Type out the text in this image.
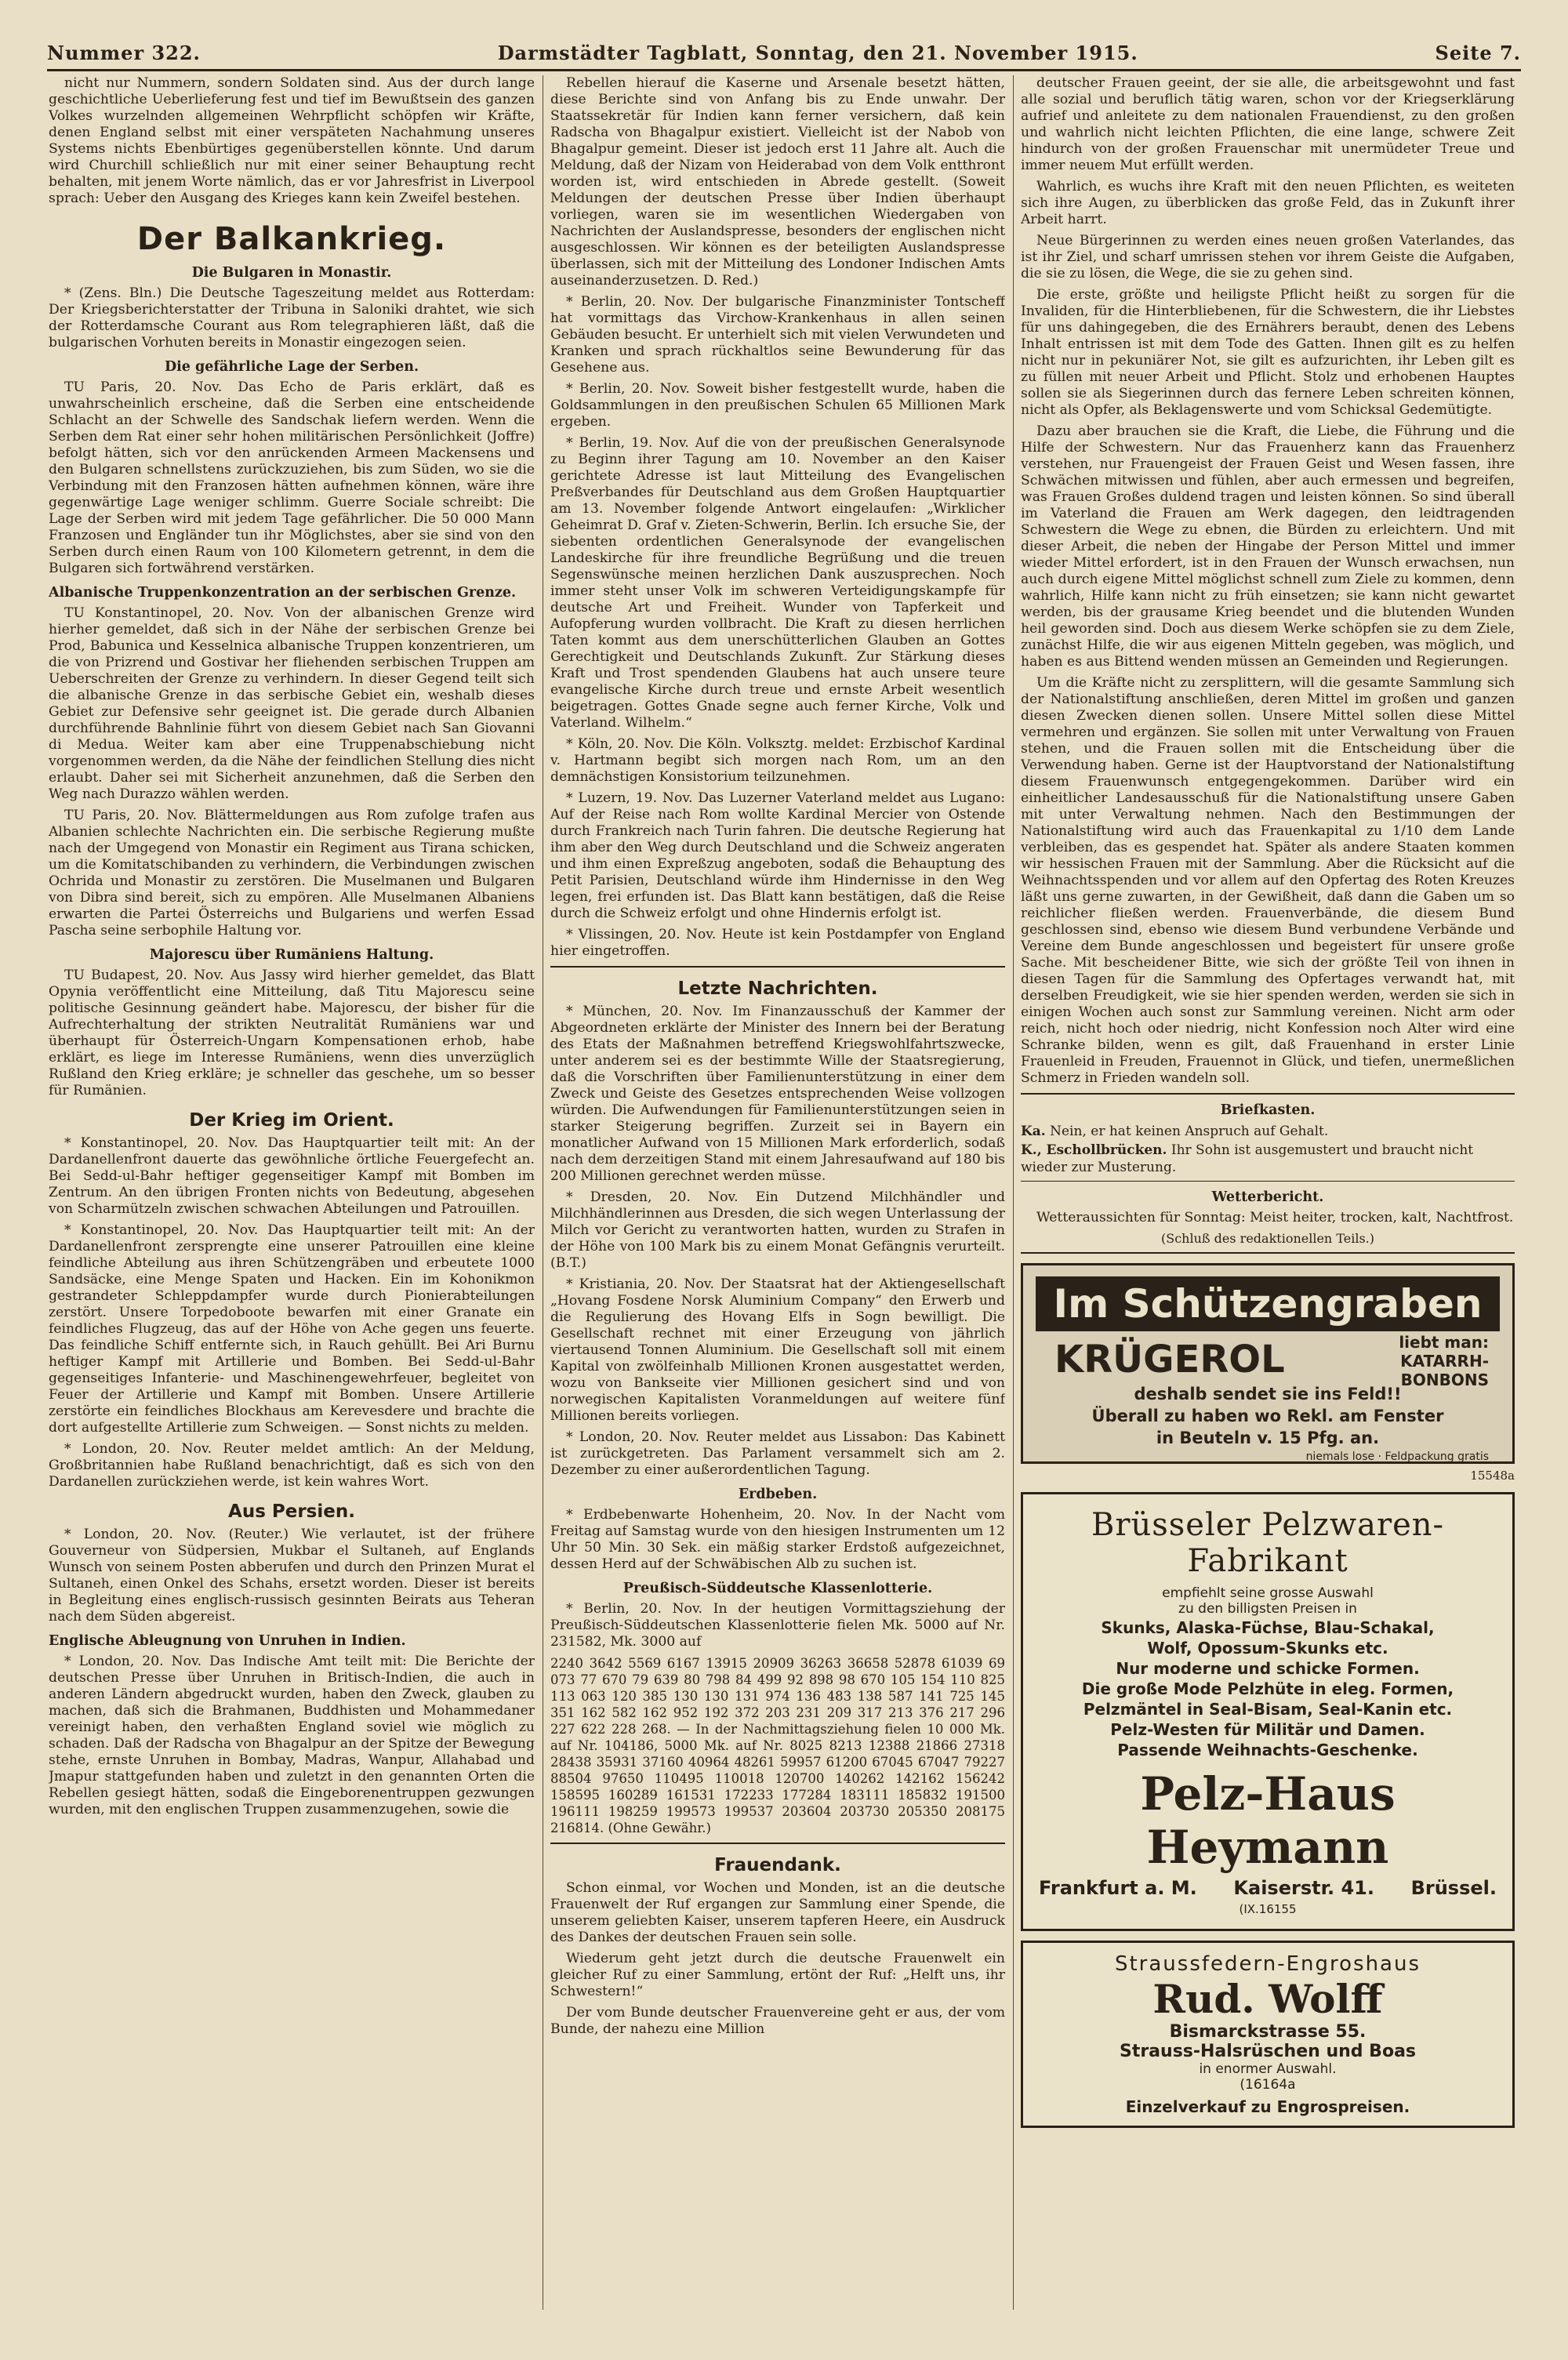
Nummer 322.	Darmstädter Tagblatt, Sonntag, den 21. November 1915.	Seite 7.

nicht nur Nummern, sondern Soldaten sind. Aus der durch lange geschichtliche Ueberlieferung fest und tief im Bewußtsein des ganzen Volkes wurzelnden allgemeinen Wehrpflicht schöpfen wir Kräfte, denen England selbst mit einer verspäteten Nachahmung unseres Systems nichts Ebenbürtiges gegenüberstellen könnte. Und darum wird Churchill schließlich nur mit einer seiner Behauptung recht behalten, mit jenem Worte nämlich, das er vor Jahresfrist in Liverpool sprach: Ueber den Ausgang des Krieges kann kein Zweifel bestehen.

Der Balkankrieg.
Die Bulgaren in Monastir.

* (Zens. Bln.) Die Deutsche Tageszeitung meldet aus Rotterdam: Der Kriegsberichterstatter der Tribuna in Saloniki drahtet, wie sich der Rotterdamsche Courant aus Rom telegraphieren läßt, daß die bulgarischen Vorhuten bereits in Monastir eingezogen seien.

Die gefährliche Lage der Serben.

TU Paris, 20. Nov. Das Echo de Paris erklärt, daß es unwahrscheinlich erscheine, daß die Serben eine entscheidende Schlacht an der Schwelle des Sandschak liefern werden. Wenn die Serben dem Rat einer sehr hohen militärischen Persönlichkeit (Joffre) befolgt hätten, sich vor den anrückenden Armeen Mackensens und den Bulgaren schnellstens zurückzuziehen, bis zum Süden, wo sie die Verbindung mit den Franzosen hätten aufnehmen können, wäre ihre gegenwärtige Lage weniger schlimm. Guerre Sociale schreibt: Die Lage der Serben wird mit jedem Tage gefährlicher. Die 50 000 Mann Franzosen und Engländer tun ihr Möglichstes, aber sie sind von den Serben durch einen Raum von 100 Kilometern getrennt, in dem die Bulgaren sich fortwährend verstärken.

Albanische Truppenkonzentration an der serbischen Grenze.

TU Konstantinopel, 20. Nov. Von der albanischen Grenze wird hierher gemeldet, daß sich in der Nähe der serbischen Grenze bei Prod, Babunica und Kesselnica albanische Truppen konzentrieren, um die von Prizrend und Gostivar her fliehenden serbischen Truppen am Ueberschreiten der Grenze zu verhindern. In dieser Gegend teilt sich die albanische Grenze in das serbische Gebiet ein, weshalb dieses Gebiet zur Defensive sehr geeignet ist. Die gerade durch Albanien durchführende Bahnlinie führt von diesem Gebiet nach San Giovanni di Medua. Weiter kam aber eine Truppenabschiebung nicht vorgenommen werden, da die Nähe der feindlichen Stellung dies nicht erlaubt. Daher sei mit Sicherheit anzunehmen, daß die Serben den Weg nach Durazzo wählen werden.

TU Paris, 20. Nov. Blättermeldungen aus Rom zufolge trafen aus Albanien schlechte Nachrichten ein. Die serbische Regierung mußte nach der Umgegend von Monastir ein Regiment aus Tirana schicken, um die Komitatschibanden zu verhindern, die Verbindungen zwischen Ochrida und Monastir zu zerstören. Die Muselmanen und Bulgaren von Dibra sind bereit, sich zu empören. Alle Muselmanen Albaniens erwarten die Partei Österreichs und Bulgariens und werfen Essad Pascha seine serbophile Haltung vor.

Majorescu über Rumäniens Haltung.

TU Budapest, 20. Nov. Aus Jassy wird hierher gemeldet, das Blatt Opynia veröffentlicht eine Mitteilung, daß Titu Majorescu seine politische Gesinnung geändert habe. Majorescu, der bisher für die Aufrechterhaltung der strikten Neutralität Rumäniens war und überhaupt für Österreich-Ungarn Kompensationen erhob, habe erklärt, es liege im Interesse Rumäniens, wenn dies unverzüglich Rußland den Krieg erkläre; je schneller das geschehe, um so besser für Rumänien.

Der Krieg im Orient.

* Konstantinopel, 20. Nov. Das Hauptquartier teilt mit: An der Dardanellenfront dauerte das gewöhnliche örtliche Feuergefecht an. Bei Sedd-ul-Bahr heftiger gegenseitiger Kampf mit Bomben im Zentrum. An den übrigen Fronten nichts von Bedeutung, abgesehen von Scharmützeln zwischen schwachen Abteilungen und Patrouillen.

* Konstantinopel, 20. Nov. Das Hauptquartier teilt mit: An der Dardanellenfront zersprengte eine unserer Patrouillen eine kleine feindliche Abteilung aus ihren Schützengräben und erbeutete 1000 Sandsäcke, eine Menge Spaten und Hacken. Ein im Kohonikmon gestrandeter Schleppdampfer wurde durch Pionierabteilungen zerstört. Unsere Torpedoboote bewarfen mit einer Granate ein feindliches Flugzeug, das auf der Höhe von Ache gegen uns feuerte. Das feindliche Schiff entfernte sich, in Rauch gehüllt. Bei Ari Burnu heftiger Kampf mit Artillerie und Bomben. Bei Sedd-ul-Bahr gegenseitiges Infanterie- und Maschinengewehrfeuer, begleitet von Feuer der Artillerie und Kampf mit Bomben. Unsere Artillerie zerstörte ein feindliches Blockhaus am Kerevesdere und brachte die dort aufgestellte Artillerie zum Schweigen. — Sonst nichts zu melden.

* London, 20. Nov. Reuter meldet amtlich: An der Meldung, Großbritannien habe Rußland benachrichtigt, daß es sich von den Dardanellen zurückziehen werde, ist kein wahres Wort.

Aus Persien.

* London, 20. Nov. (Reuter.) Wie verlautet, ist der frühere Gouverneur von Südpersien, Mukbar el Sultaneh, auf Englands Wunsch von seinem Posten abberufen und durch den Prinzen Murat el Sultaneh, einen Onkel des Schahs, ersetzt worden. Dieser ist bereits in Begleitung eines englisch-russisch gesinnten Beirats aus Teheran nach dem Süden abgereist.

Englische Ableugnung von Unruhen in Indien.

* London, 20. Nov. Das Indische Amt teilt mit: Die Berichte der deutschen Presse über Unruhen in Britisch-Indien, die auch in anderen Ländern abgedruckt wurden, haben den Zweck, glauben zu machen, daß sich die Brahmanen, Buddhisten und Mohammedaner vereinigt haben, den verhaßten England soviel wie möglich zu schaden. Daß der Radscha von Bhagalpur an der Spitze der Bewegung stehe, ernste Unruhen in Bombay, Madras, Wanpur, Allahabad und Jmapur stattgefunden haben und zuletzt in den genannten Orten die Rebellen gesiegt hätten, sodaß die Eingeborenentruppen gezwungen wurden, mit den englischen Truppen zusammenzugehen, sowie die

Rebellen hierauf die Kaserne und Arsenale besetzt hätten, diese Berichte sind von Anfang bis zu Ende unwahr. Der Staatssekretär für Indien kann ferner versichern, daß kein Radscha von Bhagalpur existiert. Vielleicht ist der Nabob von Bhagalpur gemeint. Dieser ist jedoch erst 11 Jahre alt. Auch die Meldung, daß der Nizam von Heiderabad von dem Volk entthront worden ist, wird entschieden in Abrede gestellt. (Soweit Meldungen der deutschen Presse über Indien überhaupt vorliegen, waren sie im wesentlichen Wiedergaben von Nachrichten der Auslandspresse, besonders der englischen nicht ausgeschlossen. Wir können es der beteiligten Auslandspresse überlassen, sich mit der Mitteilung des Londoner Indischen Amts auseinanderzusetzen. D. Red.)

* Berlin, 20. Nov. Der bulgarische Finanzminister Tontscheff hat vormittags das Virchow-Krankenhaus in allen seinen Gebäuden besucht. Er unterhielt sich mit vielen Verwundeten und Kranken und sprach rückhaltlos seine Bewunderung für das Gesehene aus.

* Berlin, 20. Nov. Soweit bisher festgestellt wurde, haben die Goldsammlungen in den preußischen Schulen 65 Millionen Mark ergeben.

* Berlin, 19. Nov. Auf die von der preußischen Generalsynode zu Beginn ihrer Tagung am 10. November an den Kaiser gerichtete Adresse ist laut Mitteilung des Evangelischen Preßverbandes für Deutschland aus dem Großen Hauptquartier am 13. November folgende Antwort eingelaufen: „Wirklicher Geheimrat D. Graf v. Zieten-Schwerin, Berlin. Ich ersuche Sie, der siebenten ordentlichen Generalsynode der evangelischen Landeskirche für ihre freundliche Begrüßung und die treuen Segenswünsche meinen herzlichen Dank auszusprechen. Noch immer steht unser Volk im schweren Verteidigungskampfe für deutsche Art und Freiheit. Wunder von Tapferkeit und Aufopferung wurden vollbracht. Die Kraft zu diesen herrlichen Taten kommt aus dem unerschütterlichen Glauben an Gottes Gerechtigkeit und Deutschlands Zukunft. Zur Stärkung dieses Kraft und Trost spendenden Glaubens hat auch unsere teure evangelische Kirche durch treue und ernste Arbeit wesentlich beigetragen. Gottes Gnade segne auch ferner Kirche, Volk und Vaterland. Wilhelm.“

* Köln, 20. Nov. Die Köln. Volksztg. meldet: Erzbischof Kardinal v. Hartmann begibt sich morgen nach Rom, um an den demnächstigen Konsistorium teilzunehmen.

* Luzern, 19. Nov. Das Luzerner Vaterland meldet aus Lugano: Auf der Reise nach Rom wollte Kardinal Mercier von Ostende durch Frankreich nach Turin fahren. Die deutsche Regierung hat ihm aber den Weg durch Deutschland und die Schweiz angeraten und ihm einen Expreßzug angeboten, sodaß die Behauptung des Petit Parisien, Deutschland würde ihm Hindernisse in den Weg legen, frei erfunden ist. Das Blatt kann bestätigen, daß die Reise durch die Schweiz erfolgt und ohne Hindernis erfolgt ist.

* Vlissingen, 20. Nov. Heute ist kein Postdampfer von England hier eingetroffen.

Letzte Nachrichten.

* München, 20. Nov. Im Finanzausschuß der Kammer der Abgeordneten erklärte der Minister des Innern bei der Beratung des Etats der Maßnahmen betreffend Kriegswohlfahrtszwecke, unter anderem sei es der bestimmte Wille der Staatsregierung, daß die Vorschriften über Familienunterstützung in einer dem Zweck und Geiste des Gesetzes entsprechenden Weise vollzogen würden. Die Aufwendungen für Familienunterstützungen seien in starker Steigerung begriffen. Zurzeit sei in Bayern ein monatlicher Aufwand von 15 Millionen Mark erforderlich, sodaß nach dem derzeitigen Stand mit einem Jahresaufwand auf 180 bis 200 Millionen gerechnet werden müsse.

* Dresden, 20. Nov. Ein Dutzend Milchhändler und Milchhändlerinnen aus Dresden, die sich wegen Unterlassung der Milch vor Gericht zu verantworten hatten, wurden zu Strafen in der Höhe von 100 Mark bis zu einem Monat Gefängnis verurteilt. (B.T.)

* Kristiania, 20. Nov. Der Staatsrat hat der Aktiengesellschaft „Hovang Fosdene Norsk Aluminium Company“ den Erwerb und die Regulierung des Hovang Elfs in Sogn bewilligt. Die Gesellschaft rechnet mit einer Erzeugung von jährlich viertausend Tonnen Aluminium. Die Gesellschaft soll mit einem Kapital von zwölfeinhalb Millionen Kronen ausgestattet werden, wozu von Bankseite vier Millionen gesichert sind und von norwegischen Kapitalisten Voranmeldungen auf weitere fünf Millionen bereits vorliegen.

* London, 20. Nov. Reuter meldet aus Lissabon: Das Kabinett ist zurückgetreten. Das Parlament versammelt sich am 2. Dezember zu einer außerordentlichen Tagung.

Erdbeben.

* Erdbebenwarte Hohenheim, 20. Nov. In der Nacht vom Freitag auf Samstag wurde von den hiesigen Instrumenten um 12 Uhr 50 Min. 30 Sek. ein mäßig starker Erdstoß aufgezeichnet, dessen Herd auf der Schwäbischen Alb zu suchen ist.

Preußisch-Süddeutsche Klassenlotterie.

* Berlin, 20. Nov. In der heutigen Vormittagsziehung der Preußisch-Süddeutschen Klassenlotterie fielen Mk. 5000 auf Nr. 231582, Mk. 3000 auf

2240 3642 5569 6167 13915 20909 36263 36658 52878 61039 69 073 77 670 79 639 80 798 84 499 92 898 98 670 105 154 110 825 113 063 120 385 130 130 131 974 136 483 138 587 141 725 145 351 162 582 162 952 192 372 203 231 209 317 213 376 217 296 227 622 228 268. — In der Nachmittagsziehung fielen 10 000 Mk. auf Nr. 104186, 5000 Mk. auf Nr. 8025 8213 12388 21866 27318 28438 35931 37160 40964 48261 59957 61200 67045 67047 79227 88504 97650 110495 110018 120700 140262 142162 156242 158595 160289 161531 172233 177284 183111 185832 191500 196111 198259 199573 199537 203604 203730 205350 208175 216814. (Ohne Gewähr.)

Frauendank.

Schon einmal, vor Wochen und Monden, ist an die deutsche Frauenwelt der Ruf ergangen zur Sammlung einer Spende, die unserem geliebten Kaiser, unserem tapferen Heere, ein Ausdruck des Dankes der deutschen Frauen sein solle.

Wiederum geht jetzt durch die deutsche Frauenwelt ein gleicher Ruf zu einer Sammlung, ertönt der Ruf: „Helft uns, ihr Schwestern!“

Der vom Bunde deutscher Frauenvereine geht er aus, der vom Bunde, der nahezu eine Million

deutscher Frauen geeint, der sie alle, die arbeitsgewohnt und fast alle sozial und beruflich tätig waren, schon vor der Kriegserklärung aufrief und anleitete zu dem nationalen Frauendienst, zu den großen und wahrlich nicht leichten Pflichten, die eine lange, schwere Zeit hindurch von der großen Frauenschar mit unermüdeter Treue und immer neuem Mut erfüllt werden.

Wahrlich, es wuchs ihre Kraft mit den neuen Pflichten, es weiteten sich ihre Augen, zu überblicken das große Feld, das in Zukunft ihrer Arbeit harrt.

Neue Bürgerinnen zu werden eines neuen großen Vaterlandes, das ist ihr Ziel, und scharf umrissen stehen vor ihrem Geiste die Aufgaben, die sie zu lösen, die Wege, die sie zu gehen sind.

Die erste, größte und heiligste Pflicht heißt zu sorgen für die Invaliden, für die Hinterbliebenen, für die Schwestern, die ihr Liebstes für uns dahingegeben, die des Ernährers beraubt, denen des Lebens Inhalt entrissen ist mit dem Tode des Gatten. Ihnen gilt es zu helfen nicht nur in pekuniärer Not, sie gilt es aufzurichten, ihr Leben gilt es zu füllen mit neuer Arbeit und Pflicht. Stolz und erhobenen Hauptes sollen sie als Siegerinnen durch das fernere Leben schreiten können, nicht als Opfer, als Beklagenswerte und vom Schicksal Gedemütigte.

Dazu aber brauchen sie die Kraft, die Liebe, die Führung und die Hilfe der Schwestern. Nur das Frauenherz kann das Frauenherz verstehen, nur Frauengeist der Frauen Geist und Wesen fassen, ihre Schwächen mitwissen und fühlen, aber auch ermessen und begreifen, was Frauen Großes duldend tragen und leisten können. So sind überall im Vaterland die Frauen am Werk dagegen, den leidtragenden Schwestern die Wege zu ebnen, die Bürden zu erleichtern. Und mit dieser Arbeit, die neben der Hingabe der Person Mittel und immer wieder Mittel erfordert, ist in den Frauen der Wunsch erwachsen, nun auch durch eigene Mittel möglichst schnell zum Ziele zu kommen, denn wahrlich, Hilfe kann nicht zu früh einsetzen; sie kann nicht gewartet werden, bis der grausame Krieg beendet und die blutenden Wunden heil geworden sind. Doch aus diesem Werke schöpfen sie zu dem Ziele, zunächst Hilfe, die wir aus eigenen Mitteln gegeben, was möglich, und haben es aus Bittend wenden müssen an Gemeinden und Regierungen.

Um die Kräfte nicht zu zersplittern, will die gesamte Sammlung sich der Nationalstiftung anschließen, deren Mittel im großen und ganzen diesen Zwecken dienen sollen. Unsere Mittel sollen diese Mittel vermehren und ergänzen. Sie sollen mit unter Verwaltung von Frauen stehen, und die Frauen sollen mit die Entscheidung über die Verwendung haben. Gerne ist der Hauptvorstand der Nationalstiftung diesem Frauenwunsch entgegengekommen. Darüber wird ein einheitlicher Landesausschuß für die Nationalstiftung unsere Gaben mit unter Verwaltung nehmen. Nach den Bestimmungen der Nationalstiftung wird auch das Frauenkapital zu 1/10 dem Lande verbleiben, das es gespendet hat. Später als andere Staaten kommen wir hessischen Frauen mit der Sammlung. Aber die Rücksicht auf die Weihnachtsspenden und vor allem auf den Opfertag des Roten Kreuzes läßt uns gerne zuwarten, in der Gewißheit, daß dann die Gaben um so reichlicher fließen werden. Frauenverbände, die diesem Bund geschlossen sind, ebenso wie diesem Bund verbundene Verbände und Vereine dem Bunde angeschlossen und begeistert für unsere große Sache. Mit bescheidener Bitte, wie sich der größte Teil von ihnen in diesen Tagen für die Sammlung des Opfertages verwandt hat, mit derselben Freudigkeit, wie sie hier spenden werden, werden sie sich in einigen Wochen auch sonst zur Sammlung vereinen. Nicht arm oder reich, nicht hoch oder niedrig, nicht Konfession noch Alter wird eine Schranke bilden, wenn es gilt, daß Frauenhand in erster Linie Frauenleid in Freuden, Frauennot in Glück, und tiefen, unermeßlichen Schmerz in Frieden wandeln soll.

Briefkasten.

Ka. Nein, er hat keinen Anspruch auf Gehalt.

K., Eschollbrücken. Ihr Sohn ist ausgemustert und braucht nicht wieder zur Musterung.

Wetterbericht.

Wetteraussichten für Sonntag: Meist heiter, trocken, kalt, Nachtfrost.

(Schluß des redaktionellen Teils.)

Im Schützengraben
KRÜGEROL	liebt man:
KATARRH-
BONBONS
deshalb sendet sie ins Feld!!
Überall zu haben wo Rekl. am Fenster
in Beuteln v. 15 Pfg. an.
niemals lose · Feldpackung gratis
15548a
Brüsseler Pelzwaren-Fabrikant
empfiehlt seine grosse Auswahl
zu den billigsten Preisen in
Skunks, Alaska-Füchse, Blau-Schakal,
Wolf, Opossum-Skunks etc.
Nur moderne und schicke Formen.
Die große Mode Pelzhüte in eleg. Formen,
Pelzmäntel in Seal-Bisam, Seal-Kanin etc.
Pelz-Westen für Militär und Damen.
Passende Weihnachts-Geschenke.
Pelz-Haus Heymann
Frankfurt a. M. Kaiserstr. 41. Brüssel.
(IX.16155
Straussfedern-Engroshaus
Rud. Wolff
Bismarckstrasse 55.
Strauss-Halsrüschen und Boas
in enormer Auswahl.
(16164a
Einzelverkauf zu Engrospreisen.
